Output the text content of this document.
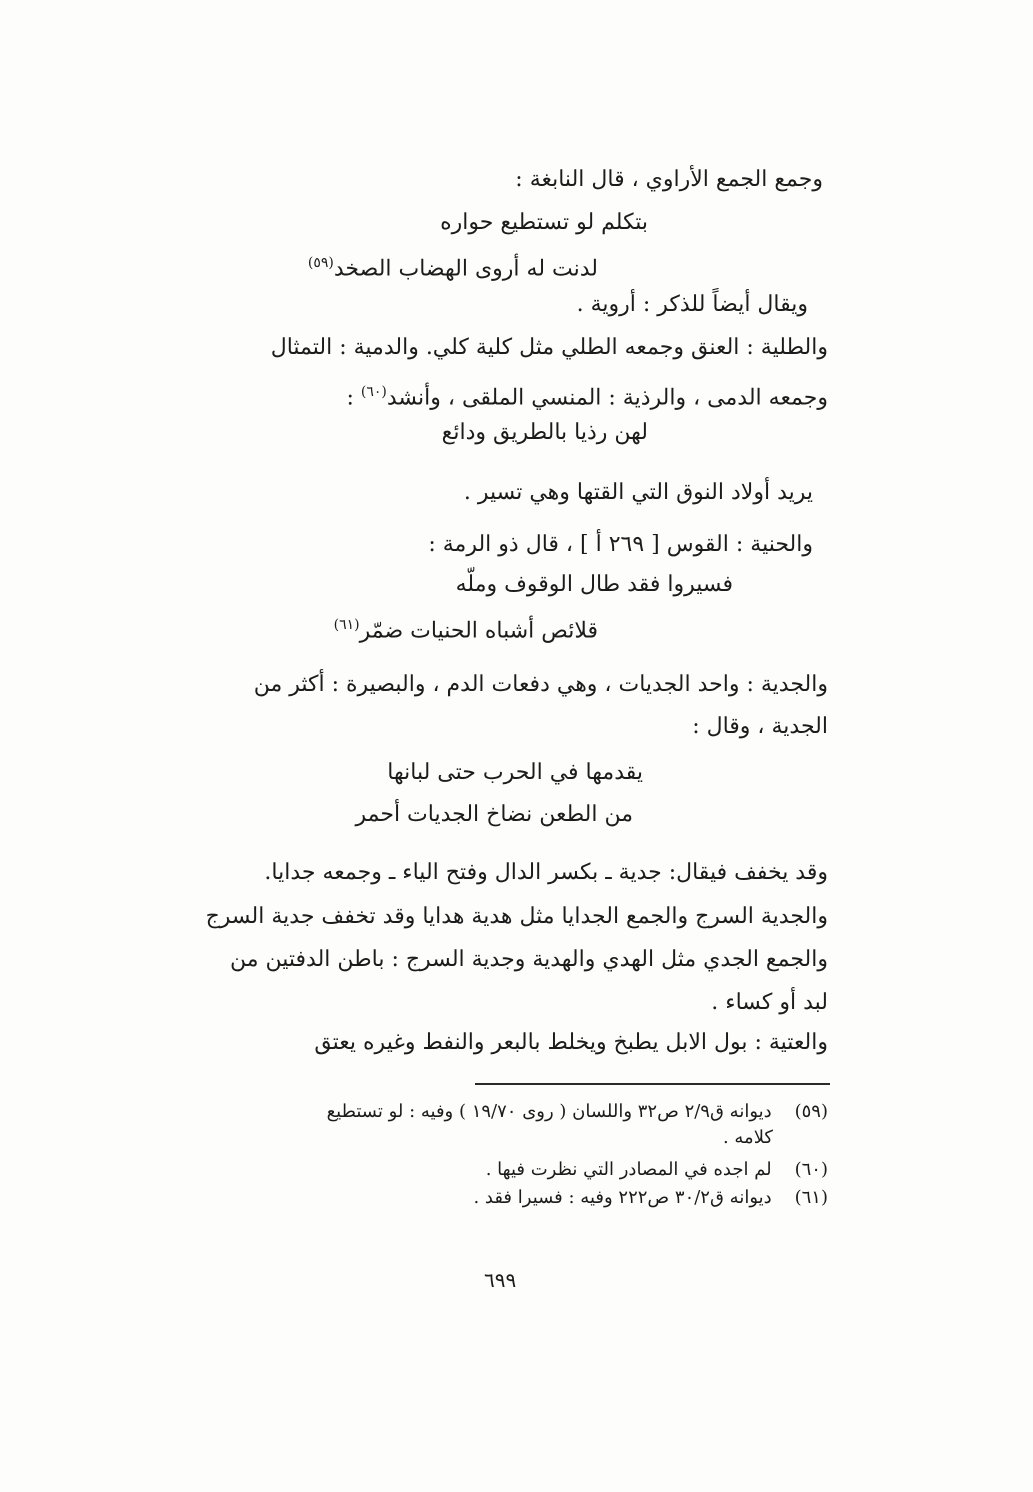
وجمع الجمع الأراوي ، قال النابغة :
بتكلم لو تستطيع حواره
لدنت له أروى الهضاب الصخد$^{(٥٩)}$
ويقال أيضاً للذكر : أروية .
والطلية : العنق وجمعه الطلي مثل كلية كلي. والدمية : التمثال
وجمعه الدمى ، والرذية : المنسي الملقى ، وأنشد$^{(٦٠)}$ :
لهن رذيا بالطريق ودائع
يريد أولاد النوق التي القتها وهي تسير .
والحنية : القوس [ ٢٦٩ أ ] ، قال ذو الرمة :
فسيروا فقد طال الوقوف وملّه
قلائص أشباه الحنيات ضمّر$^{(٦١)}$
والجدية : واحد الجديات ، وهي دفعات الدم ، والبصيرة : أكثر من
الجدية ، وقال :
يقدمها في الحرب حتى لبانها
من الطعن نضاخ الجديات أحمر
وقد يخفف فيقال: جدية ـ بكسر الدال وفتح الياء ـ وجمعه جدايا.
والجدية السرج والجمع الجدايا مثل هدية هدايا وقد تخفف جدية السرج
والجمع الجدي مثل الهدي والهدية وجدية السرج : باطن الدفتين من
لبد أو كساء .
والعتية : بول الابل يطبخ ويخلط بالبعر والنفط وغيره يعتق
(٥٩)    ديوانه ق٢/٩ ص٣٢ واللسان ( روى ١٩/٧٠ ) وفيه : لو تستطيع
كلامه .
(٦٠)    لم اجده في المصادر التي نظرت فيها .
(٦١)    ديوانه ق٣٠/٢ ص٢٢٢ وفيه : فسيرا فقد .
٦٩٩
